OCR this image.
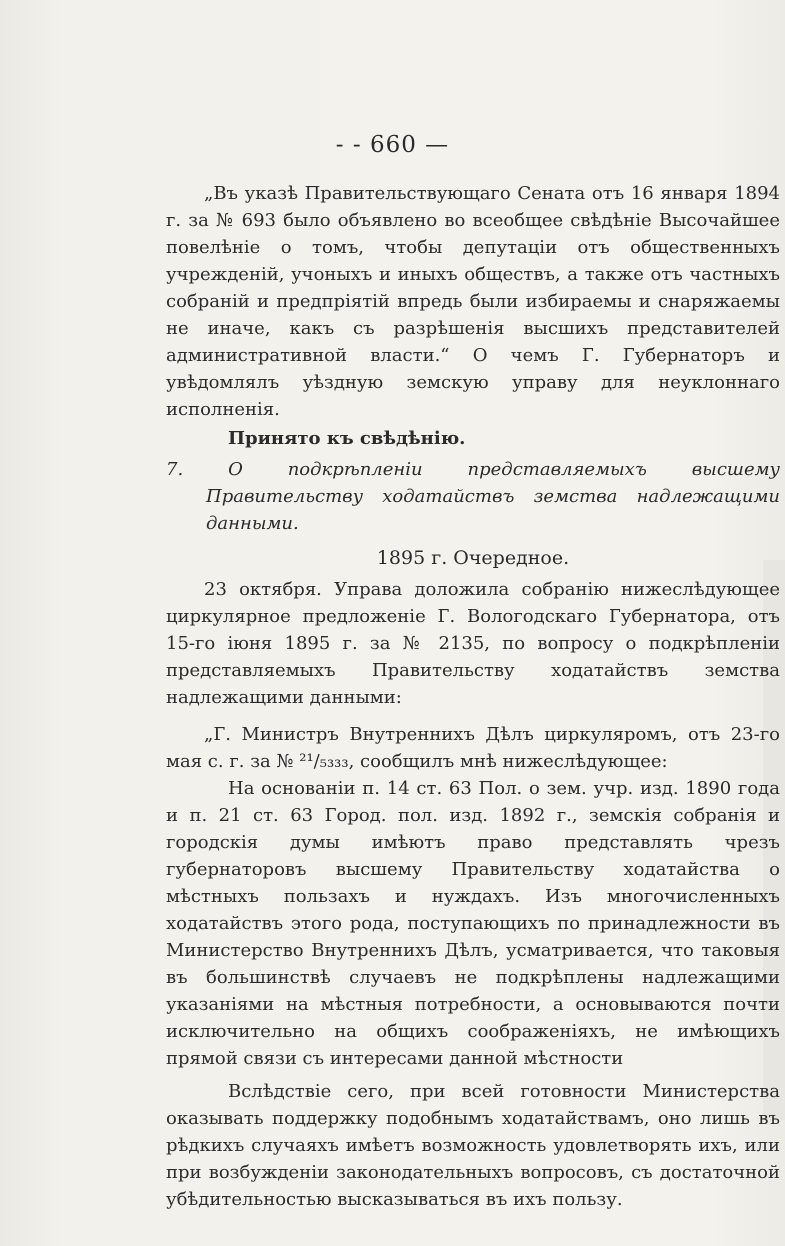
- - 660 —

„Въ указѣ Правительствующаго Сената отъ 16 января 1894 г. за № 693 было объявлено во всеобщее свѣдѣніе Высочайшее повелѣніе о томъ, чтобы депутаціи отъ общественныхъ учрежденій, учоныхъ и иныхъ обществъ, а также отъ частныхъ собраній и предпріятій впредь были избираемы и снаряжаемы не иначе, какъ съ разрѣшенія высшихъ представителей административной власти.“ О чемъ Г. Губернаторъ и увѣдомлялъ уѣздную земскую управу для неуклоннаго исполненія.

Принято къ свѣдѣнію.

7. О подкрѣпленіи представляемыхъ высшему Правительству ходатайствъ земства надлежащими данными.

1895 г. Очередное.

23 октября. Управа доложила собранію нижеслѣдующее циркулярное предложеніе Г. Вологодскаго Губернатора, отъ 15-го іюня 1895 г. за № 2135, по вопросу о подкрѣпленіи представляемыхъ Правительству ходатайствъ земства надлежащими данными:

„Г. Министръ Внутреннихъ Дѣлъ циркуляромъ, отъ 23-го мая с. г. за № ²¹/₅₃₃₃, сообщилъ мнѣ нижеслѣдующее:

На основаніи п. 14 ст. 63 Пол. о зем. учр. изд. 1890 года и п. 21 ст. 63 Город. пол. изд. 1892 г., земскія собранія и городскія думы имѣютъ право представлять чрезъ губернаторовъ высшему Правительству ходатайства о мѣстныхъ пользахъ и нуждахъ. Изъ многочисленныхъ ходатайствъ этого рода, поступающихъ по принадлежности въ Министерство Внутреннихъ Дѣлъ, усматривается, что таковыя въ большинствѣ случаевъ не подкрѣплены надлежащими указаніями на мѣстныя потребности, а основываются почти исключительно на общихъ соображеніяхъ, не имѣющихъ прямой связи съ интересами данной мѣстности

Вслѣдствіе сего, при всей готовности Министерства оказывать поддержку подобнымъ ходатайствамъ, оно лишь въ рѣдкихъ случаяхъ имѣетъ возможность удовлетворять ихъ, или при возбужденіи законодательныхъ вопросовъ, съ достаточной убѣдительностью высказываться въ ихъ пользу.
